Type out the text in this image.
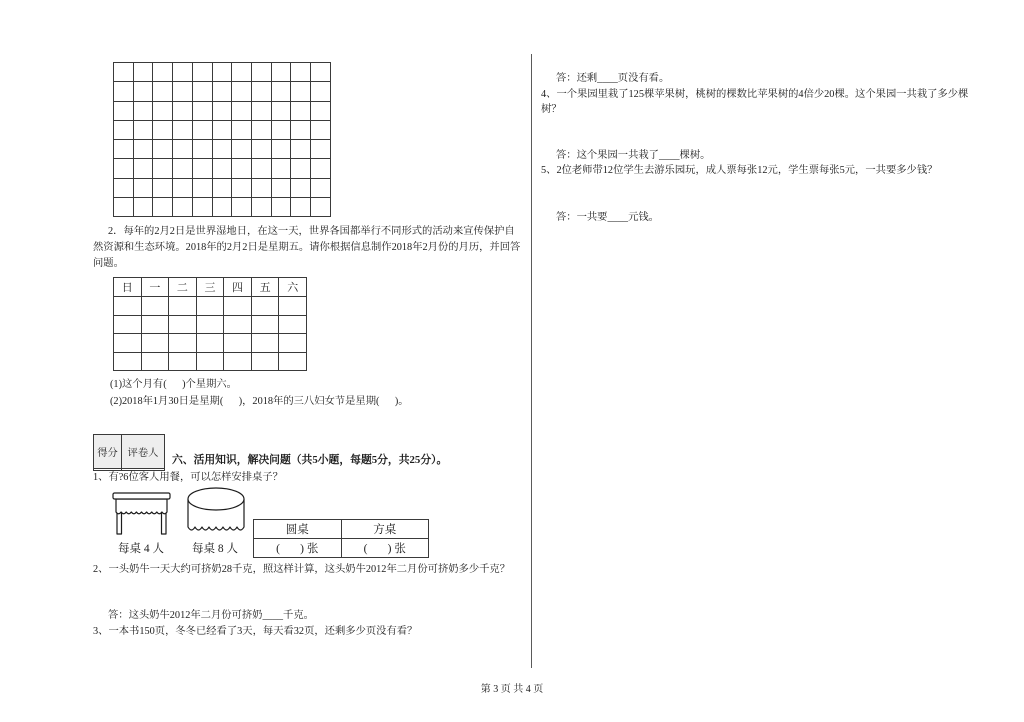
2．每年的2月2日是世界湿地日，在这一天，世界各国都举行不同形式的活动来宣传保护自
然资源和生态环境。2018年的2月2日是星期五。请你根据信息制作2018年2月份的月历，并回答
问题。
日	一	二	三	四	五	六

(1)这个月有(      )个星期六。
(2)2018年1月30日是星期(      )，2018年的三八妇女节是星期(      )。
得分	评卷人

六、活用知识，解决问题（共5小题，每题5分，共25分）。
1、有?6位客人用餐，可以怎样安排桌子？
每桌 4 人 每桌 8 人
圆桌	方桌
(       ) 张	(       ) 张
2、一头奶牛一天大约可挤奶28千克，照这样计算，这头奶牛2012年二月份可挤奶多少千克？
答：这头奶牛2012年二月份可挤奶____千克。
3、一本书150页，冬冬已经看了3天，每天看32页，还剩多少页没有看？
答：还剩____页没有看。
4、一个果园里栽了125棵苹果树，桃树的棵数比苹果树的4倍少20棵。这个果园一共栽了多少棵
树？
答：这个果园一共栽了____棵树。
5、2位老师带12位学生去游乐园玩，成人票每张12元，学生票每张5元，一共要多少钱？
答：一共要____元钱。
第 3 页 共 4 页
